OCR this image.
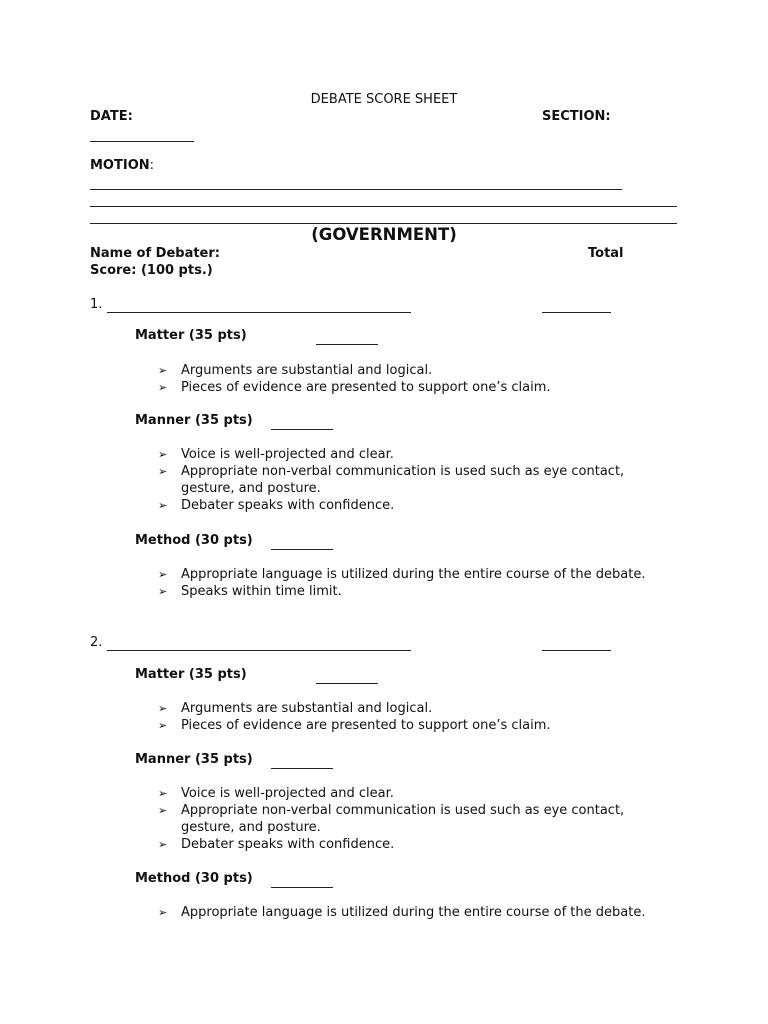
DEBATE SCORE SHEET
DATE:	SECTION:
MOTION:
(GOVERNMENT)
Name of Debater:	Total
Score: (100 pts.)
1.
Matter (35 pts)
➢ Arguments are substantial and logical.
➢ Pieces of evidence are presented to support one’s claim.
Manner (35 pts)
➢ Voice is well-projected and clear.
➢ Appropriate non-verbal communication is used such as eye contact,
gesture, and posture.
➢ Debater speaks with confidence.
Method (30 pts)
➢ Appropriate language is utilized during the entire course of the debate.
➢ Speaks within time limit.
2.
Matter (35 pts)
➢ Arguments are substantial and logical.
➢ Pieces of evidence are presented to support one’s claim.
Manner (35 pts)
➢ Voice is well-projected and clear.
➢ Appropriate non-verbal communication is used such as eye contact,
gesture, and posture.
➢ Debater speaks with confidence.
Method (30 pts)
➢ Appropriate language is utilized during the entire course of the debate.
